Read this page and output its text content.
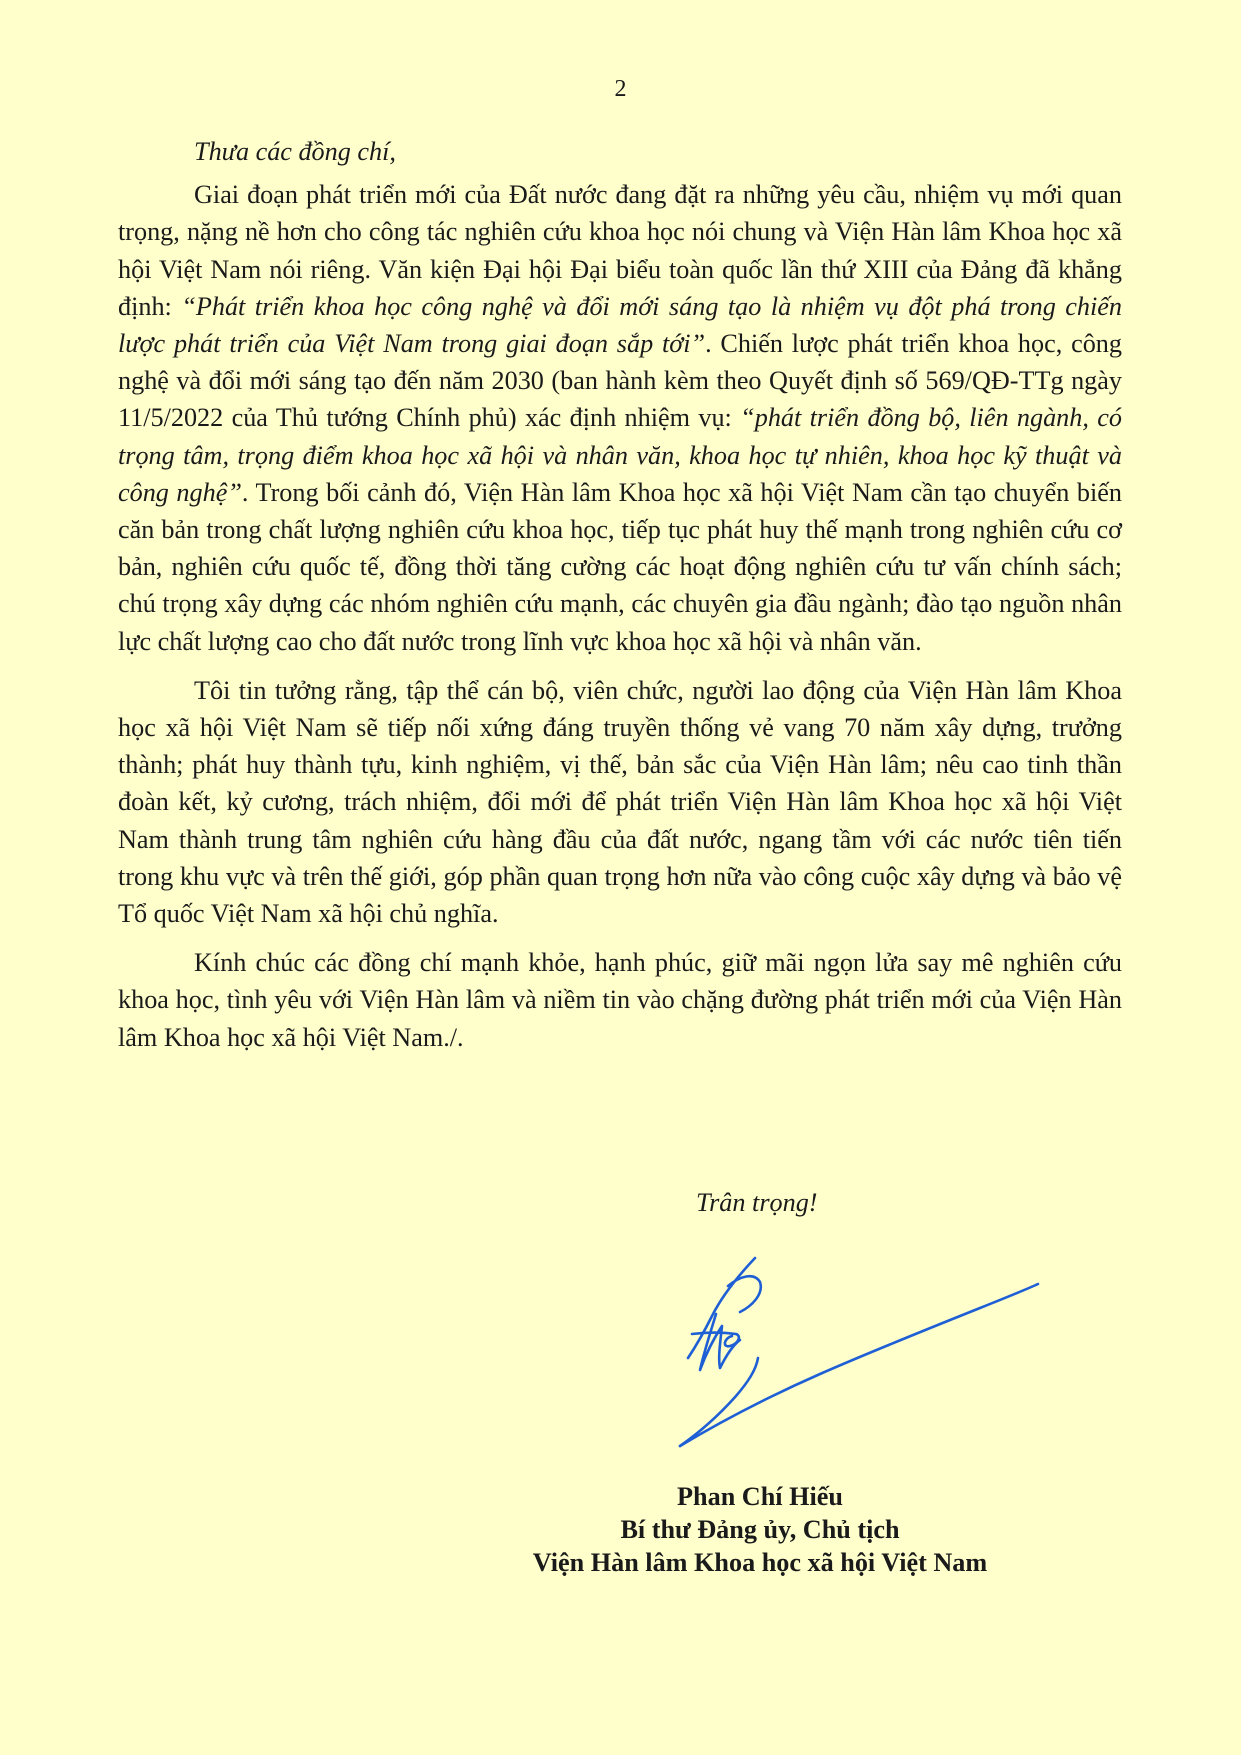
2

Thưa các đồng chí,

Giai đoạn phát triển mới của Đất nước đang đặt ra những yêu cầu, nhiệm vụ mới quan trọng, nặng nề hơn cho công tác nghiên cứu khoa học nói chung và Viện Hàn lâm Khoa học xã hội Việt Nam nói riêng. Văn kiện Đại hội Đại biểu toàn quốc lần thứ XIII của Đảng đã khẳng định: “Phát triển khoa học công nghệ và đổi mới sáng tạo là nhiệm vụ đột phá trong chiến lược phát triển của Việt Nam trong giai đoạn sắp tới”. Chiến lược phát triển khoa học, công nghệ và đổi mới sáng tạo đến năm 2030 (ban hành kèm theo Quyết định số 569/QĐ-TTg ngày 11/5/2022 của Thủ tướng Chính phủ) xác định nhiệm vụ: “phát triển đồng bộ, liên ngành, có trọng tâm, trọng điểm khoa học xã hội và nhân văn, khoa học tự nhiên, khoa học kỹ thuật và công nghệ”. Trong bối cảnh đó, Viện Hàn lâm Khoa học xã hội Việt Nam cần tạo chuyển biến căn bản trong chất lượng nghiên cứu khoa học, tiếp tục phát huy thế mạnh trong nghiên cứu cơ bản, nghiên cứu quốc tế, đồng thời tăng cường các hoạt động nghiên cứu tư vấn chính sách; chú trọng xây dựng các nhóm nghiên cứu mạnh, các chuyên gia đầu ngành; đào tạo nguồn nhân lực chất lượng cao cho đất nước trong lĩnh vực khoa học xã hội và nhân văn.

Tôi tin tưởng rằng, tập thể cán bộ, viên chức, người lao động của Viện Hàn lâm Khoa học xã hội Việt Nam sẽ tiếp nối xứng đáng truyền thống vẻ vang 70 năm xây dựng, trưởng thành; phát huy thành tựu, kinh nghiệm, vị thế, bản sắc của Viện Hàn lâm; nêu cao tinh thần đoàn kết, kỷ cương, trách nhiệm, đổi mới để phát triển Viện Hàn lâm Khoa học xã hội Việt Nam thành trung tâm nghiên cứu hàng đầu của đất nước, ngang tầm với các nước tiên tiến trong khu vực và trên thế giới, góp phần quan trọng hơn nữa vào công cuộc xây dựng và bảo vệ Tổ quốc Việt Nam xã hội chủ nghĩa.

Kính chúc các đồng chí mạnh khỏe, hạnh phúc, giữ mãi ngọn lửa say mê nghiên cứu khoa học, tình yêu với Viện Hàn lâm và niềm tin vào chặng đường phát triển mới của Viện Hàn lâm Khoa học xã hội Việt Nam./.

Trân trọng!
Phan Chí Hiếu
Bí thư Đảng ủy, Chủ tịch
Viện Hàn lâm Khoa học xã hội Việt Nam
